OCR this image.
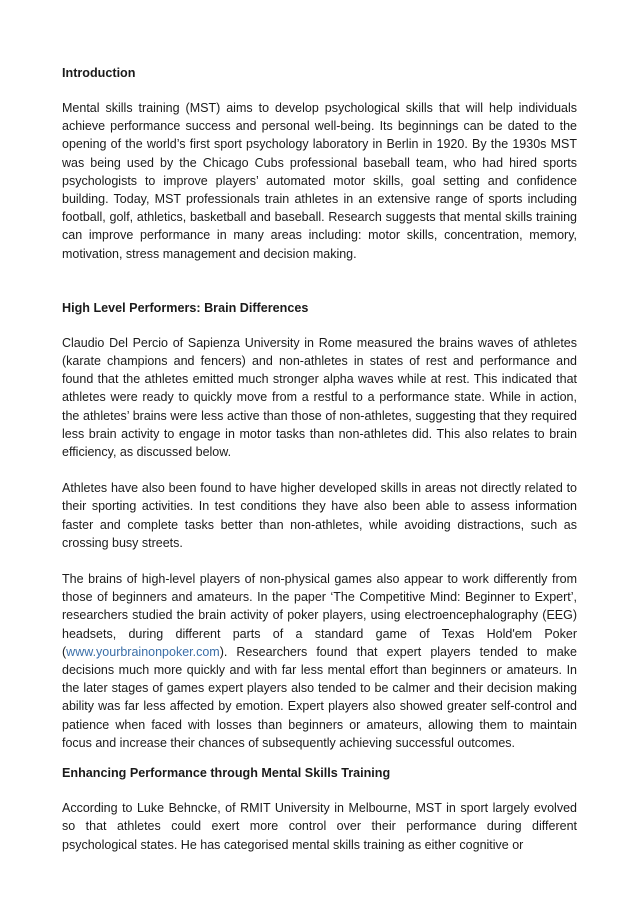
Introduction

Mental skills training (MST) aims to develop psychological skills that will help individuals achieve performance success and personal well-being. Its beginnings can be dated to the opening of the world’s first sport psychology laboratory in Berlin in 1920. By the 1930s MST was being used by the Chicago Cubs professional baseball team, who had hired sports psychologists to improve players’ automated motor skills, goal setting and confidence building. Today, MST professionals train athletes in an extensive range of sports including football, golf, athletics, basketball and baseball. Research suggests that mental skills training can improve performance in many areas including: motor skills, concentration, memory, motivation, stress management and decision making.

High Level Performers: Brain Differences

Claudio Del Percio of Sapienza University in Rome measured the brains waves of athletes (karate champions and fencers) and non-athletes in states of rest and performance and found that the athletes emitted much stronger alpha waves while at rest. This indicated that athletes were ready to quickly move from a restful to a performance state. While in action, the athletes’ brains were less active than those of non-athletes, suggesting that they required less brain activity to engage in motor tasks than non-athletes did. This also relates to brain efficiency, as discussed below.

Athletes have also been found to have higher developed skills in areas not directly related to their sporting activities. In test conditions they have also been able to assess information faster and complete tasks better than non-athletes, while avoiding distractions, such as crossing busy streets.

The brains of high-level players of non-physical games also appear to work differently from those of beginners and amateurs. In the paper ‘The Competitive Mind: Beginner to Expert’, researchers studied the brain activity of poker players, using electroencephalography (EEG) headsets, during different parts of a standard game of Texas Hold'em Poker (www.yourbrainonpoker.com). Researchers found that expert players tended to make decisions much more quickly and with far less mental effort than beginners or amateurs. In the later stages of games expert players also tended to be calmer and their decision making ability was far less affected by emotion. Expert players also showed greater self-control and patience when faced with losses than beginners or amateurs, allowing them to maintain focus and increase their chances of subsequently achieving successful outcomes.

Enhancing Performance through Mental Skills Training

According to Luke Behncke, of RMIT University in Melbourne, MST in sport largely evolved so that athletes could exert more control over their performance during different psychological states. He has categorised mental skills training as either cognitive or
